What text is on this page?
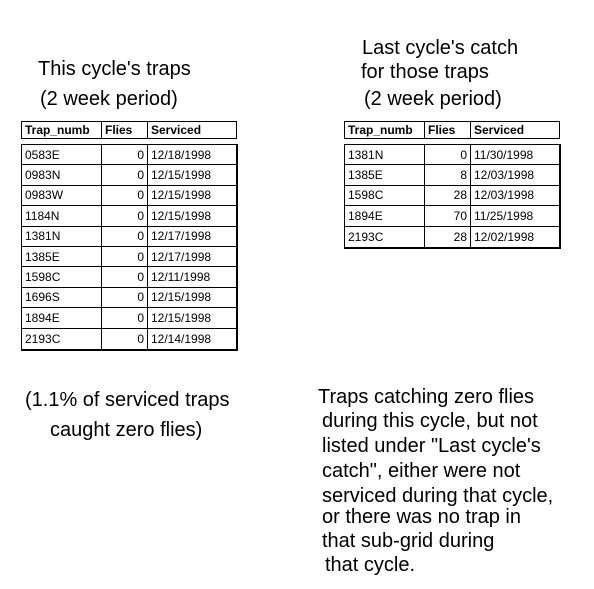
This cycle's traps
(2 week period)
Last cycle's catch
for those traps
(2 week period)
Trap_numb	Flies	Serviced
0583E	0 12/18/1998
0983N	0 12/15/1998
0983W	0 12/15/1998
1184N	0 12/15/1998
1381N	0 12/17/1998
1385E	0 12/17/1998
1598C	0 12/11/1998
1696S	0 12/15/1998
1894E	0 12/15/1998
2193C	0 12/14/1998
Trap_numb	Flies	Serviced
1381N	0 11/30/1998
1385E	8 12/03/1998
1598C	28 12/03/1998
1894E	70 11/25/1998
2193C	28 12/02/1998
(1.1% of serviced traps
caught zero flies)
Traps catching zero flies
during this cycle, but not
listed under "Last cycle's
catch", either were not
serviced during that cycle,
or there was no trap in
that sub-grid during
that cycle.
